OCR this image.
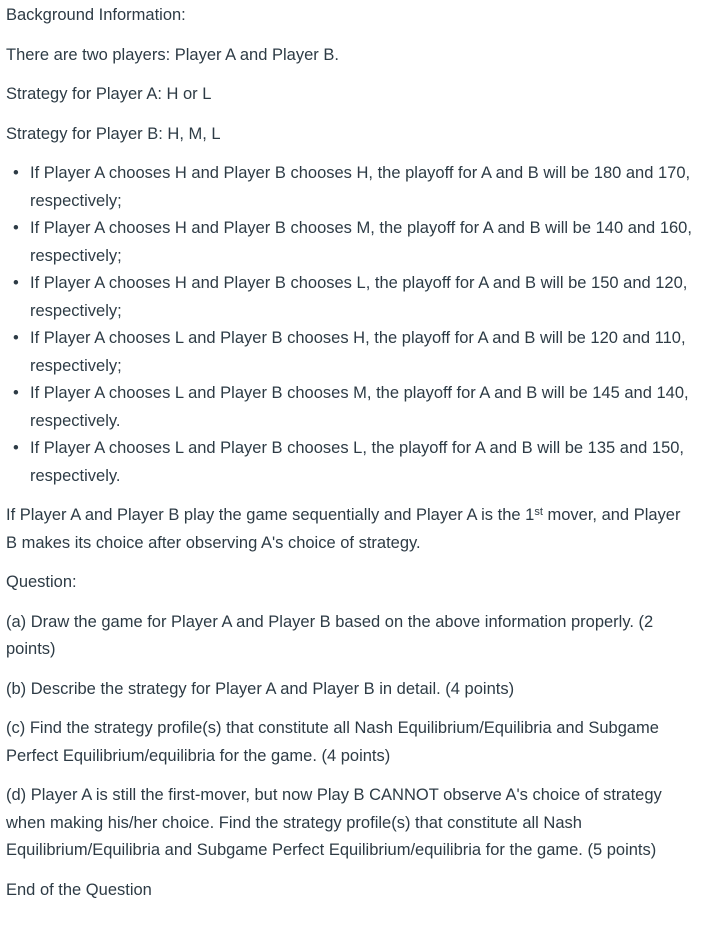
Background Information:

There are two players: Player A and Player B.

Strategy for Player A: H or L

Strategy for Player B: H, M, L

• If Player A chooses H and Player B chooses H, the playoff for A and B will be 180 and 170, respectively;
• If Player A chooses H and Player B chooses M, the playoff for A and B will be 140 and 160, respectively;
• If Player A chooses H and Player B chooses L, the playoff for A and B will be 150 and 120, respectively;
• If Player A chooses L and Player B chooses H, the playoff for A and B will be 120 and 110, respectively;
• If Player A chooses L and Player B chooses M, the playoff for A and B will be 145 and 140, respectively.
• If Player A chooses L and Player B chooses L, the playoff for A and B will be 135 and 150, respectively.

If Player A and Player B play the game sequentially and Player A is the 1st mover, and Player B makes its choice after observing A's choice of strategy.

Question:

(a) Draw the game for Player A and Player B based on the above information properly. (2 points)

(b) Describe the strategy for Player A and Player B in detail. (4 points)

(c) Find the strategy profile(s) that constitute all Nash Equilibrium/Equilibria and Subgame Perfect Equilibrium/equilibria for the game. (4 points)

(d) Player A is still the first-mover, but now Play B CANNOT observe A's choice of strategy when making his/her choice. Find the strategy profile(s) that constitute all Nash Equilibrium/Equilibria and Subgame Perfect Equilibrium/equilibria for the game. (5 points)

End of the Question
